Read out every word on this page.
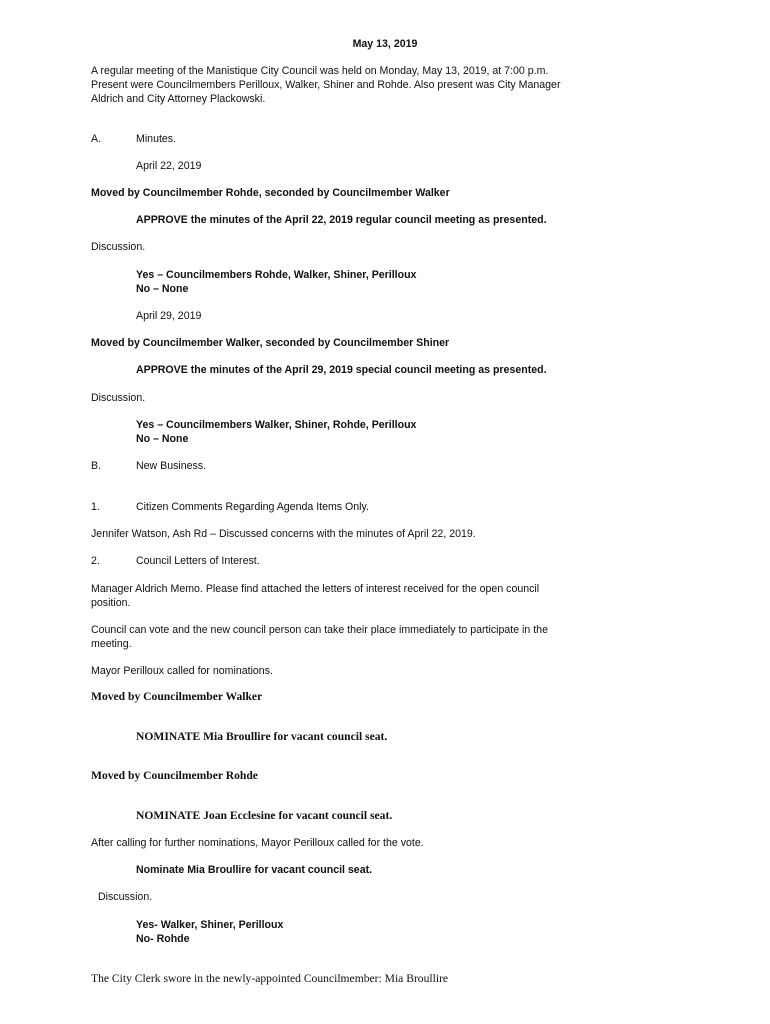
May 13, 2019
A regular meeting of the Manistique City Council was held on Monday, May 13, 2019, at 7:00 p.m.
Present were Councilmembers Perilloux, Walker, Shiner and Rohde. Also present was City Manager
Aldrich and City Attorney Plackowski.
A.	Minutes.
April 22, 2019
Moved by Councilmember Rohde, seconded by Councilmember Walker
APPROVE the minutes of the April 22, 2019 regular council meeting as presented.
Discussion.
Yes – Councilmembers Rohde, Walker, Shiner, Perilloux
No – None
April 29, 2019
Moved by Councilmember Walker, seconded by Councilmember Shiner
APPROVE the minutes of the April 29, 2019 special council meeting as presented.
Discussion.
Yes – Councilmembers Walker, Shiner, Rohde, Perilloux
No – None
B.	New Business.
1.	Citizen Comments Regarding Agenda Items Only.
Jennifer Watson, Ash Rd – Discussed concerns with the minutes of April 22, 2019.
2.	Council Letters of Interest.
Manager Aldrich Memo. Please find attached the letters of interest received for the open council
position.
Council can vote and the new council person can take their place immediately to participate in the
meeting.
Mayor Perilloux called for nominations.
Moved by Councilmember Walker
NOMINATE Mia Broullire for vacant council seat.
Moved by Councilmember Rohde
NOMINATE Joan Ecclesine for vacant council seat.
After calling for further nominations, Mayor Perilloux called for the vote.
Nominate Mia Broullire for vacant council seat.
Discussion.
Yes- Walker, Shiner, Perilloux
No- Rohde
The City Clerk swore in the newly-appointed Councilmember: Mia Broullire
